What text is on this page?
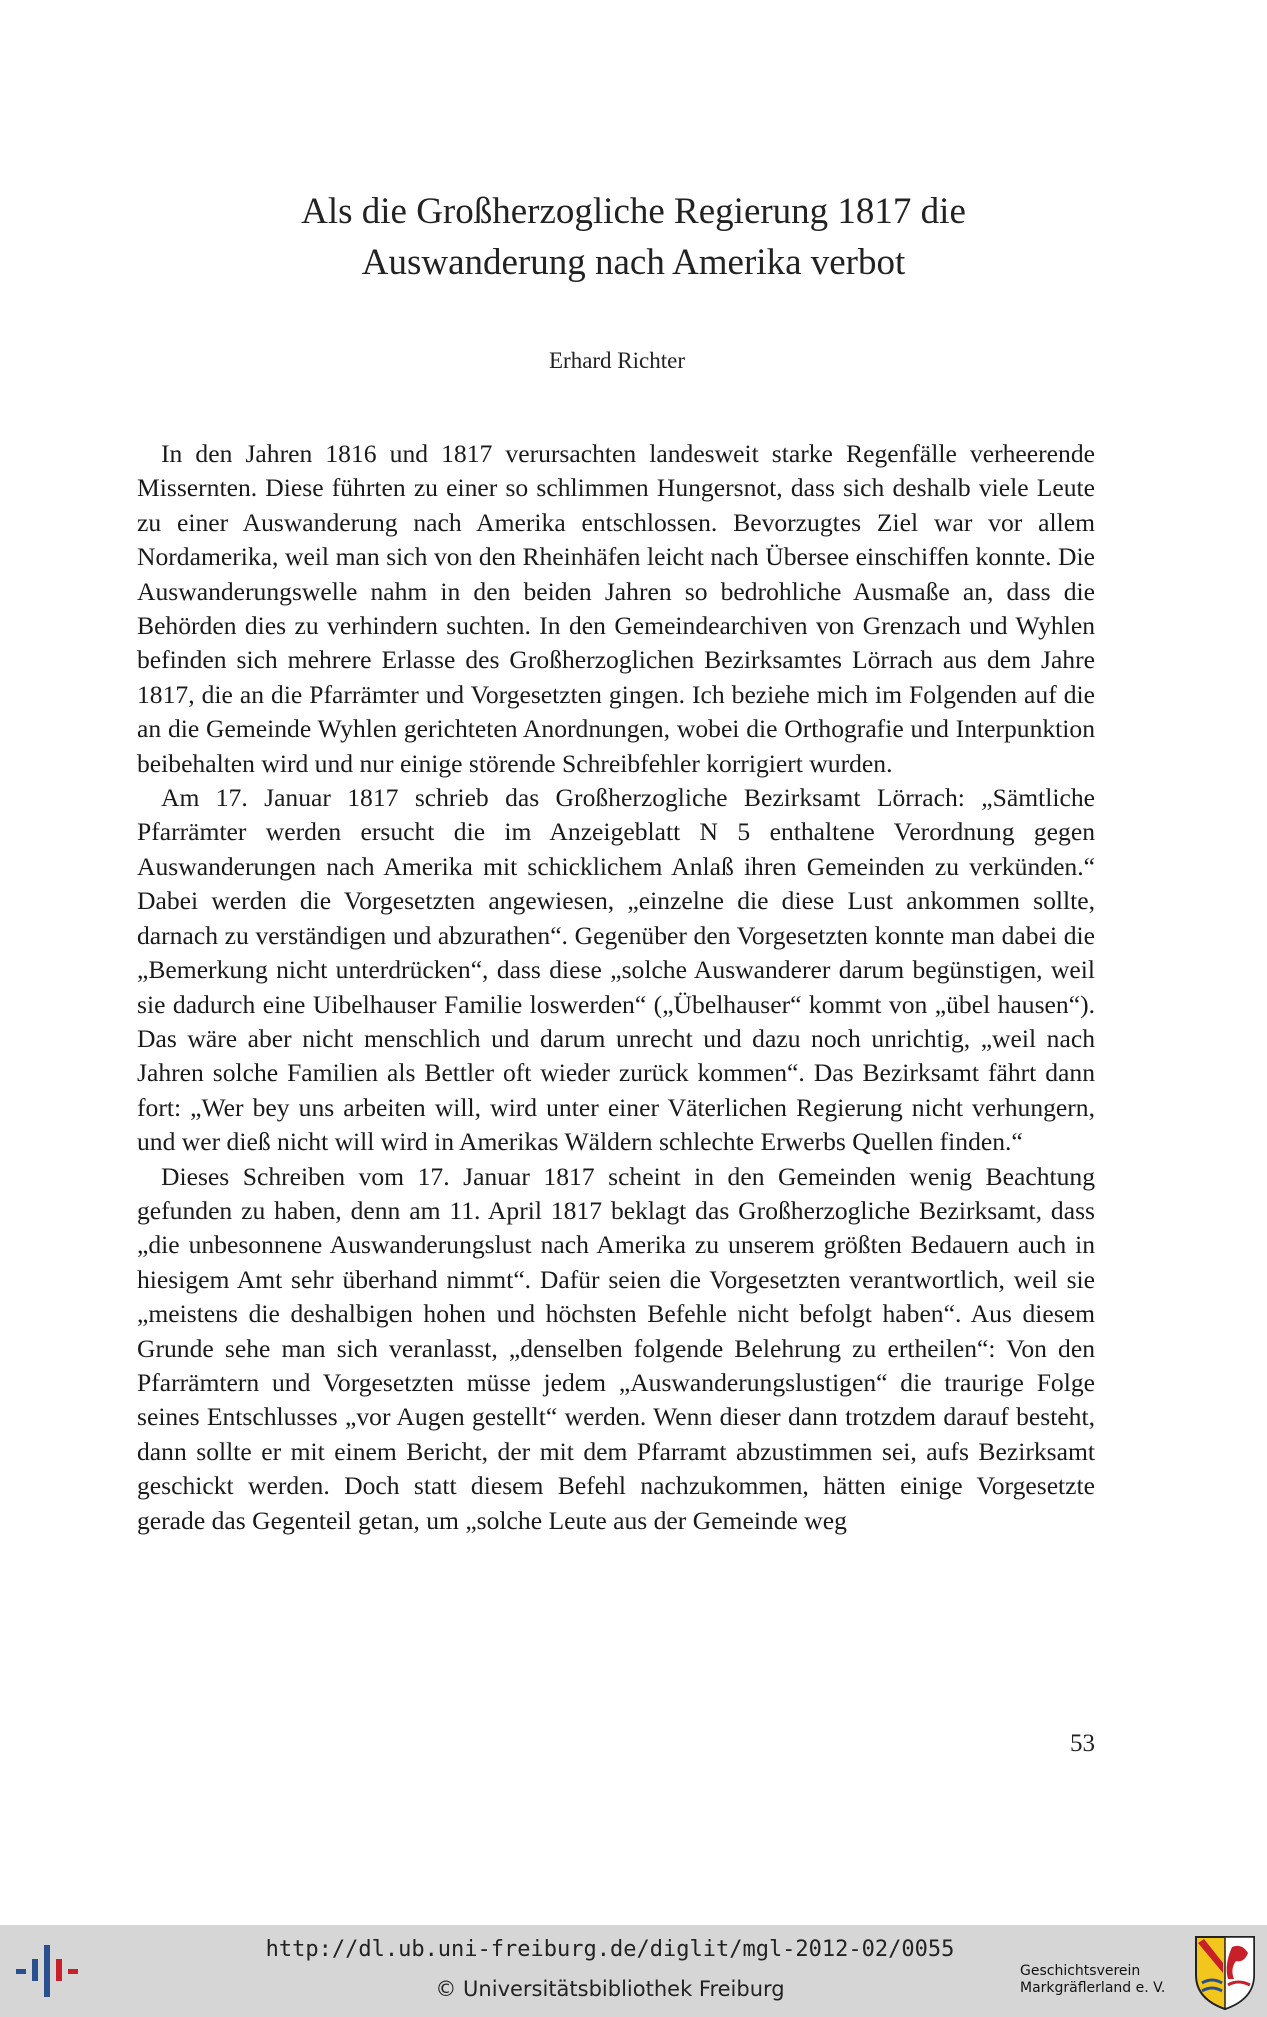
Als die Großherzogliche Regierung 1817 die
Auswanderung nach Amerika verbot
Erhard Richter

In den Jahren 1816 und 1817 verursachten landesweit starke Regenfälle verheerende Missernten. Diese führten zu einer so schlimmen Hungersnot, dass sich deshalb viele Leute zu einer Auswanderung nach Amerika entschlossen. Bevorzugtes Ziel war vor allem Nordamerika, weil man sich von den Rheinhäfen leicht nach Übersee einschiffen konnte. Die Auswanderungswelle nahm in den beiden Jahren so bedrohliche Ausmaße an, dass die Behörden dies zu verhindern suchten. In den Gemeindearchiven von Grenzach und Wyhlen befinden sich mehrere Erlasse des Großherzoglichen Bezirksamtes Lörrach aus dem Jahre 1817, die an die Pfarrämter und Vorgesetzten gingen. Ich beziehe mich im Folgenden auf die an die Gemeinde Wyhlen gerichteten Anordnungen, wobei die Orthografie und Interpunktion beibehalten wird und nur einige störende Schreibfehler korrigiert wurden.

Am 17. Januar 1817 schrieb das Großherzogliche Bezirksamt Lörrach: „Sämtliche Pfarrämter werden ersucht die im Anzeigeblatt N 5 enthaltene Verordnung gegen Auswanderungen nach Amerika mit schicklichem Anlaß ihren Gemeinden zu verkünden.“ Dabei werden die Vorgesetzten angewiesen, „einzelne die diese Lust ankommen sollte, darnach zu verständigen und abzurathen“. Gegenüber den Vorgesetzten konnte man dabei die „Bemerkung nicht unterdrücken“, dass diese „solche Auswanderer darum begünstigen, weil sie dadurch eine Uibelhauser Familie loswerden“ („Übelhauser“ kommt von „übel hausen“). Das wäre aber nicht menschlich und darum unrecht und dazu noch unrichtig, „weil nach Jahren solche Familien als Bettler oft wieder zurück kommen“. Das Bezirksamt fährt dann fort: „Wer bey uns arbeiten will, wird unter einer Väterlichen Regierung nicht verhungern, und wer dieß nicht will wird in Amerikas Wäldern schlechte Erwerbs Quellen finden.“

Dieses Schreiben vom 17. Januar 1817 scheint in den Gemeinden wenig Beachtung gefunden zu haben, denn am 11. April 1817 beklagt das Großherzogliche Bezirksamt, dass „die unbesonnene Auswanderungslust nach Amerika zu unserem größten Bedauern auch in hiesigem Amt sehr überhand nimmt“. Dafür seien die Vorgesetzten verantwortlich, weil sie „meistens die deshalbigen hohen und höchsten Befehle nicht befolgt haben“. Aus diesem Grunde sehe man sich veranlasst, „denselben folgende Belehrung zu ertheilen“: Von den Pfarrämtern und Vorgesetzten müsse jedem „Auswanderungslustigen“ die traurige Folge seines Entschlusses „vor Augen gestellt“ werden. Wenn dieser dann trotzdem darauf besteht, dann sollte er mit einem Bericht, der mit dem Pfarramt abzustimmen sei, aufs Bezirksamt geschickt werden. Doch statt diesem Befehl nachzukommen, hätten einige Vorgesetzte gerade das Gegenteil getan, um „solche Leute aus der Gemeinde weg

53
http://dl.ub.uni-freiburg.de/diglit/mgl-2012-02/0055
© Universitätsbibliothek Freiburg
Geschichtsverein
Markgräflerland e. V.
